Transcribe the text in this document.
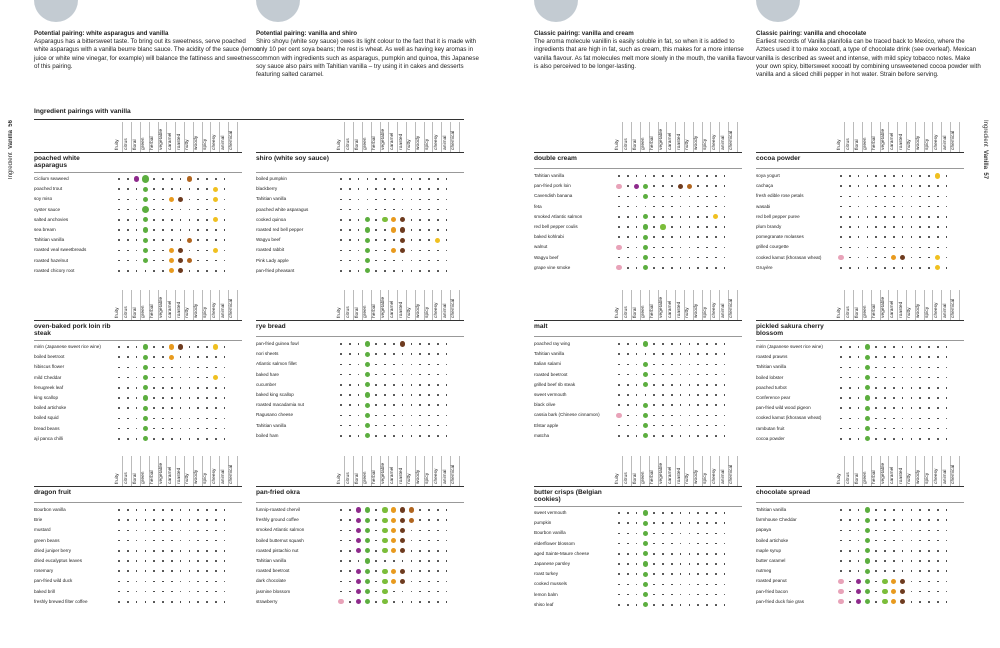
Potential pairing: white asparagus and vanilla
Asparagus has a bittersweet taste. To bring out its sweetness, serve poached white asparagus with a vanilla beurre blanc sauce. The acidity of the sauce (lemon juice or white wine vinegar, for example) will balance the fattiness and sweetness of this pairing.
Potential pairing: vanilla and shiro
Shiro shoyu (white soy sauce) owes its light colour to the fact that it is made with only 10 per cent soya beans; the rest is wheat. As well as having key aromas in common with ingredients such as asparagus, pumpkin and quinoa, this Japanese soy sauce also pairs with Tahitian vanilla – try using it in cakes and desserts featuring salted caramel.
Ingredient  Vanilla  56
Ingredient pairings with vanilla
Classic pairing: vanilla and cream
The aroma molecule vanillin is easily soluble in fat, so when it is added to ingredients that are high in fat, such as cream, this makes for a more intense vanilla flavour. As fat molecules melt more slowly in the mouth, the vanilla flavour is also perceived to be longer-lasting.
Classic pairing: vanilla and chocolate
Earliest records of Vanilla planifolia can be traced back to Mexico, where the Aztecs used it to make xocoatl, a type of chocolate drink (see overleaf). Mexican vanilla is described as sweet and intense, with mild spicy tobacco notes. Make your own spicy, bittersweet xocoatl by combining unsweetened cocoa powder with vanilla and a sliced chilli pepper in hot water. Strain before serving.
Ingredient  Vanilla  57
fruity citrus floral green herbal vegetable caramel roasted nutty woody spicy cheesy animal chemical
poached white asparagus
Ciclium seaweed
poached trout
soy miso
oyster sauce
salted anchovies
sea bream
Tahitian vanilla
roasted veal sweetbreads
roasted hazelnut
roasted chicory root
fruity citrus floral green herbal vegetable caramel roasted nutty woody spicy cheesy animal chemical
shiro (white soy sauce)
boiled pumpkin
blackberry
Tahitian vanilla
poached white asparagus
cooked quinoa
roasted red bell pepper
Wagyu beef
roasted rabbit
Pink Lady apple
pan-fried pheasant
fruity citrus floral green herbal vegetable caramel roasted nutty woody spicy cheesy animal chemical
double cream
Tahitian vanilla
pan-fried pork loin
Cavendish banana
feta
smoked Atlantic salmon
red bell pepper coulis
baked kohlrabi
walnut
Wagyu beef
grape vine smoke
fruity citrus floral green herbal vegetable caramel roasted nutty woody spicy cheesy animal chemical
cocoa powder
soya yogurt
cachaça
fresh edible rose petals
wasabi
red bell pepper puree
plum brandy
pomegranate molasses
grilled courgette
cooked kamut (khorasan wheat)
Gruyère
fruity citrus floral green herbal vegetable caramel roasted nutty woody spicy cheesy animal chemical
oven-baked pork loin rib steak
mirin (Japanese sweet rice wine)
boiled beetroot
hibiscus flower
mild Cheddar
fenugreek leaf
king scallop
boiled artichoke
boiled squid
bread beans
ají panca chilli
fruity citrus floral green herbal vegetable caramel roasted nutty woody spicy cheesy animal chemical
rye bread
pan-fried guinea fowl
nori sheets
Atlantic salmon fillet
baked hare
cucumber
baked king scallop
roasted macadamia nut
Ragusano cheese
Tahitian vanilla
boiled ham
fruity citrus floral green herbal vegetable caramel roasted nutty woody spicy cheesy animal chemical
malt
poached ray wing
Tahitian vanilla
Italian salami
roasted beetroot
grilled beef rib steak
sweet vermouth
black olive
cassia bark (Chinese cinnamon)
Elstar apple
matcha
fruity citrus floral green herbal vegetable caramel roasted nutty woody spicy cheesy animal chemical
pickled sakura cherry blossom
mirin (Japanese sweet rice wine)
roasted prawns
Tahitian vanilla
boiled lobster
poached turbot
Conference pear
pan-fried wild wood pigeon
cooked kamut (khorasan wheat)
rambutan fruit
cocoa powder
fruity citrus floral green herbal vegetable caramel roasted nutty woody spicy cheesy animal chemical
dragon fruit
Bourbon vanilla
Brie
mustard
green beans
dried juniper berry
dried eucalyptus leaves
rosemary
pan-fried wild duck
baked brill
freshly brewed filter coffee
fruity citrus floral green herbal vegetable caramel roasted nutty woody spicy cheesy animal chemical
pan-fried okra
funnip-roasted chervil
freshly ground coffee
smoked Atlantic salmon
boiled butternut squash
roasted pistachio nut
Tahitian vanilla
roasted beetroot
dark chocolate
jasmine blossom
strawberry
fruity citrus floral green herbal vegetable caramel roasted nutty woody spicy cheesy animal chemical
butter crisps (Belgian cookies)
sweet vermouth
pumpkin
Bourbon vanilla
elderflower blossom
aged Sainte-Maure cheese
Japanese parsley
roast turkey
cooked mussels
lemon balm
shiso leaf
fruity citrus floral green herbal vegetable caramel roasted nutty woody spicy cheesy animal chemical
chocolate spread
Tahitian vanilla
farmhouse Cheddar
papaya
boiled artichoke
maple syrup
butter caramel
nutmeg
roasted peanut
pan-fried bacon
pan-fried duck foie gras
